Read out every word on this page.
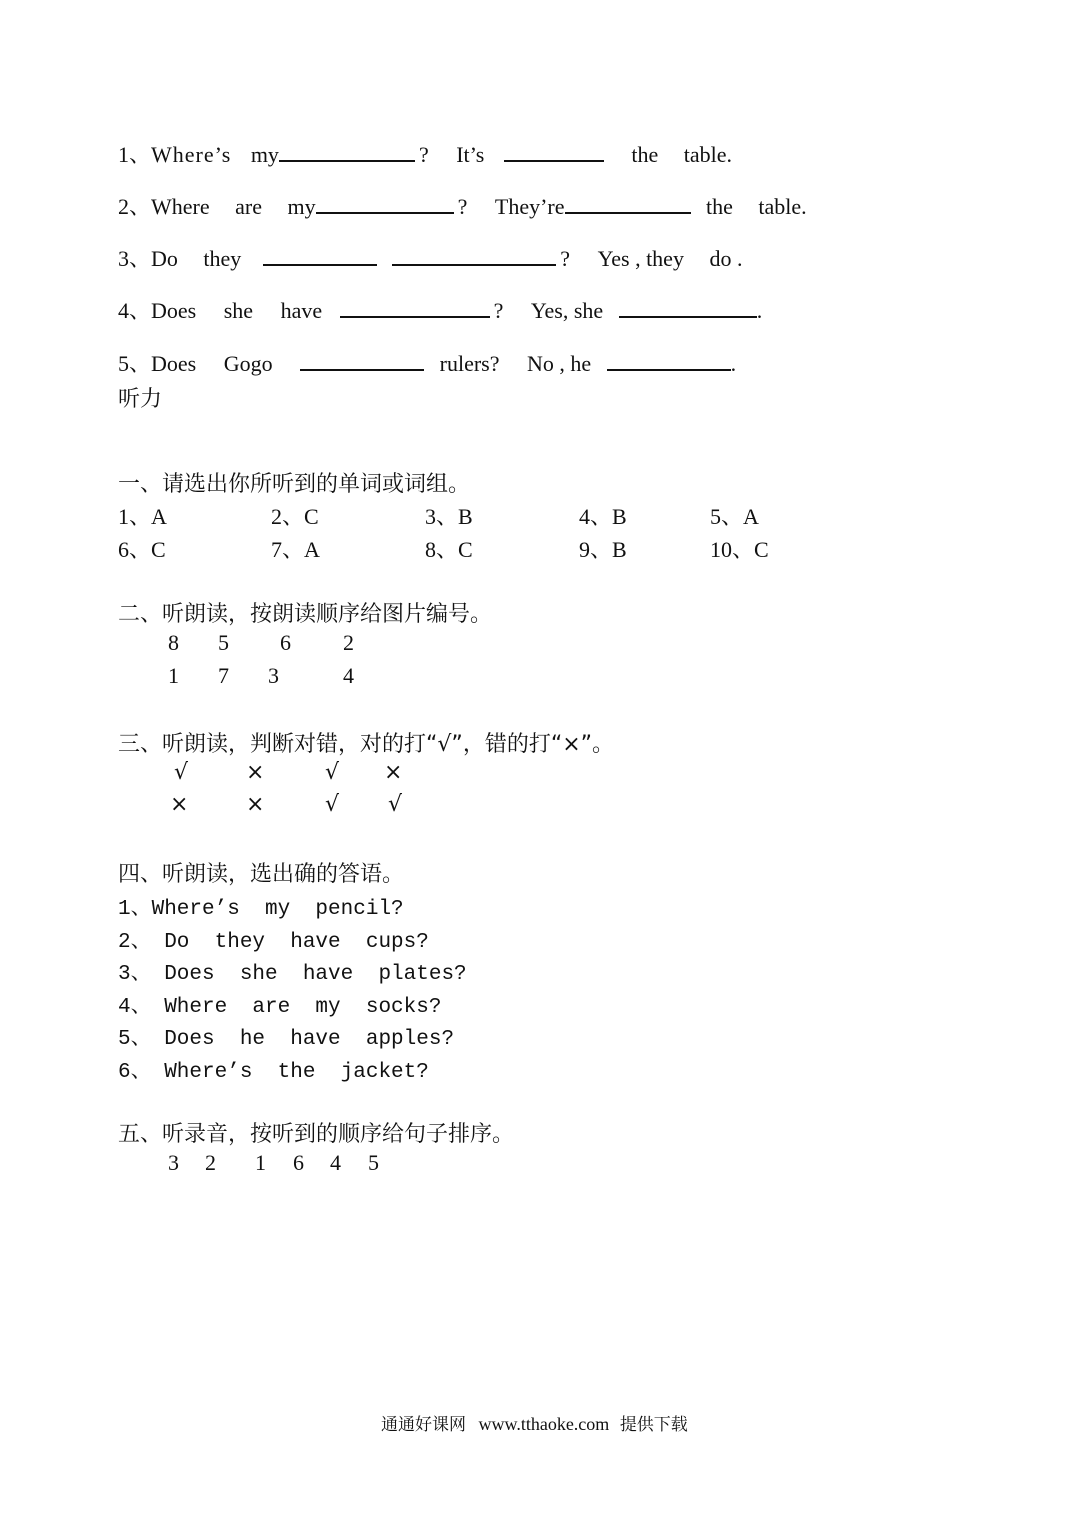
1、Where’s my	? It’s	the table.
2、Where are my	? They’re	the table.
3、Do they	? Yes , they do .
4、Does she have	? Yes, she	.
5、Does Gogo	rulers? No , he	.
听力
一、请选出你所听到的单词或词组。
1、A	2、C	3、B	4、B	5、A
6、C	7、A	8、C	9、B	10、C
二、听朗读，按朗读顺序给图片编号。
8 5 6 2
1 7 3	4
三、听朗读，判断对错，对的打“√”，错的打“×”。
√	×	√ ×
×	×	√ √
四、听朗读，选出确的答语。
1、Where’s  my  pencil?
2、 Do  they  have  cups?
3、 Does  she  have  plates?
4、 Where  are  my  socks?
5、 Does  he  have  apples?
6、 Where’s  the  jacket?
五、听录音，按听到的顺序给句子排序。
3 2 1 6 4 5
通通好课网 www.tthaoke.com 提供下载
